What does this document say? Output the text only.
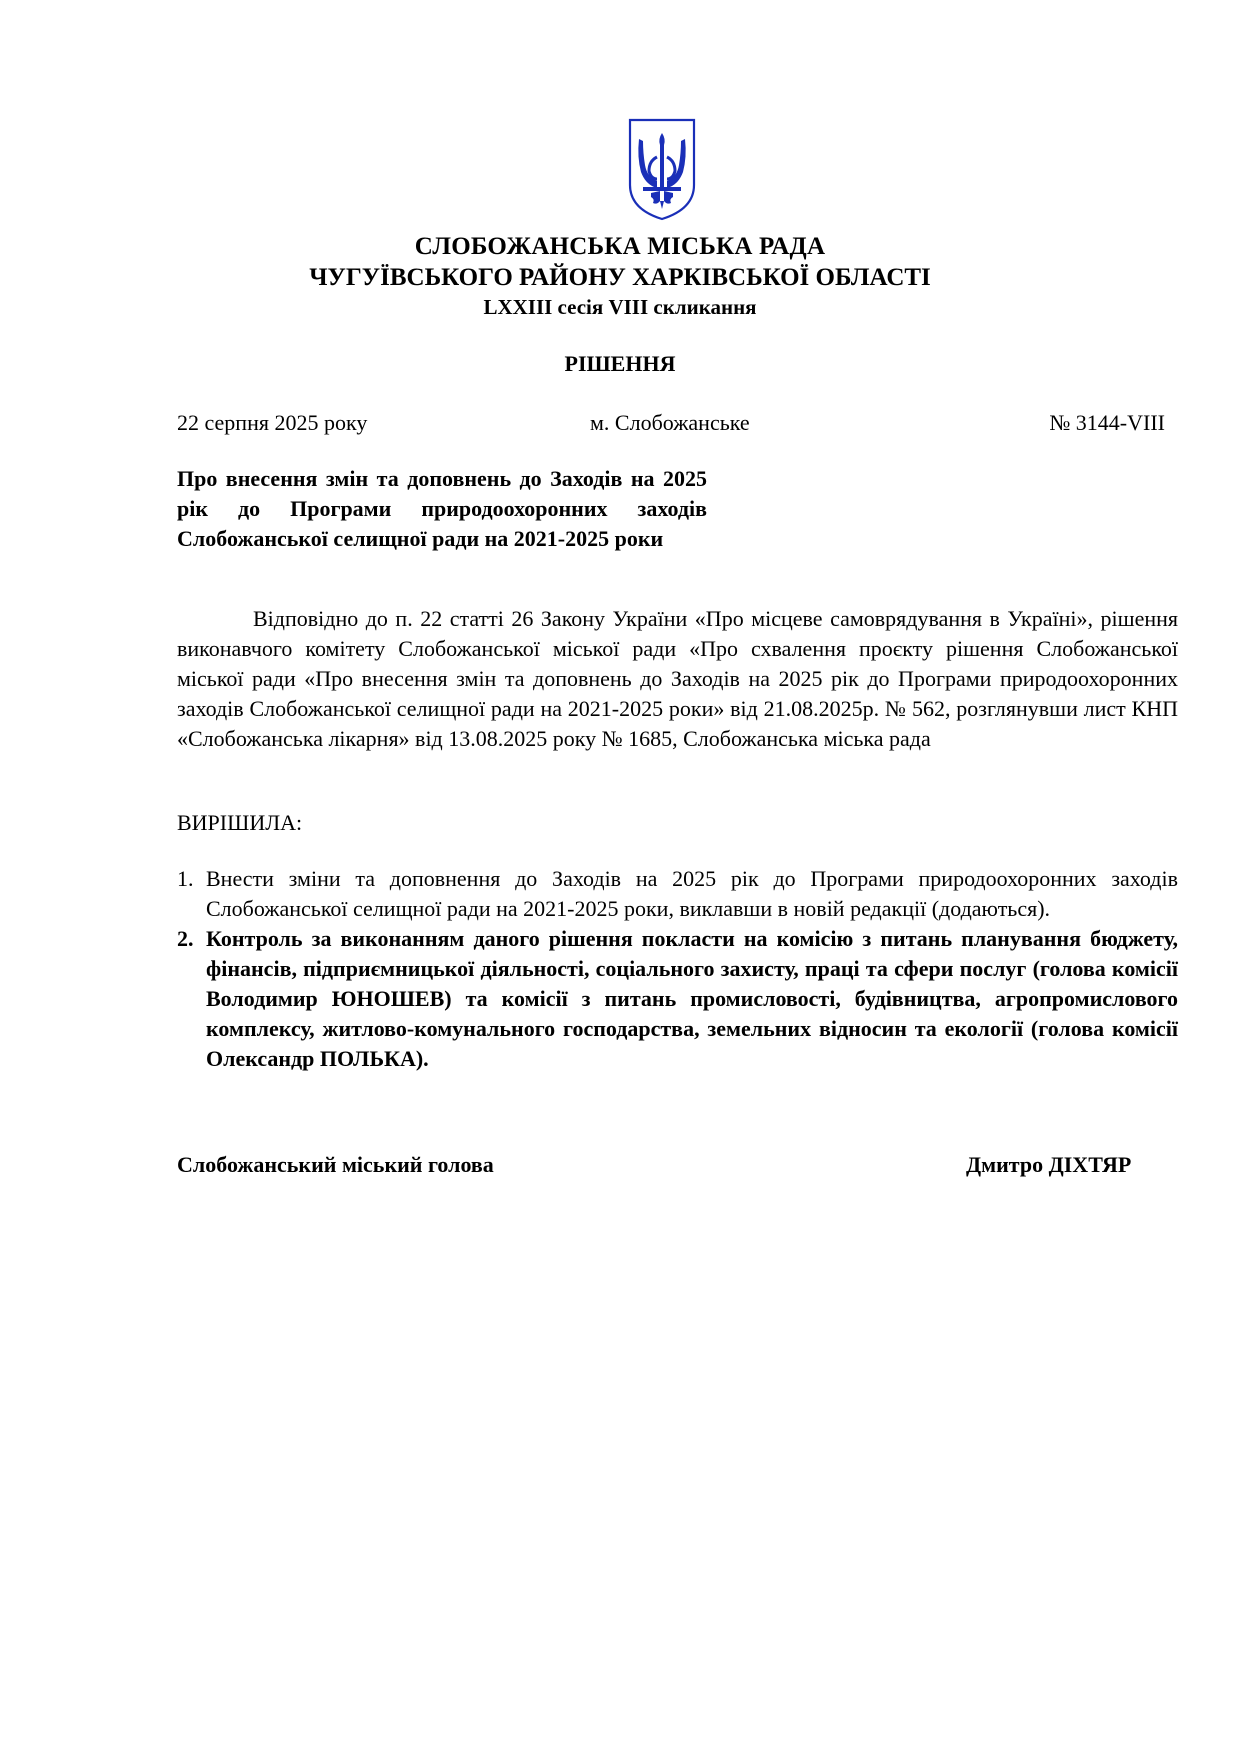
СЛОБОЖАНСЬКА МІСЬКА РАДА
ЧУГУЇВСЬКОГО РАЙОНУ ХАРКІВСЬКОЇ ОБЛАСТІ
LXXIII сесія VIII скликання
РІШЕННЯ
22 серпня 2025 року	м. Слобожанське	№ 3144-VIII

Про внесення змін та доповнень до Заходів на 2025 рік до Програми природоохоронних заходів Слобожанської селищної ради на 2021-2025 роки

Відповідно до п. 22 статті 26 Закону України «Про місцеве самоврядування в Україні», рішення виконавчого комітету Слобожанської міської ради «Про схвалення проєкту рішення Слобожанської міської ради «Про внесення змін та доповнень до Заходів на 2025 рік до Програми природоохоронних заходів Слобожанської селищної ради на 2021-2025 роки» від 21.08.2025р. № 562, розглянувши лист КНП «Слобожанська лікарня» від 13.08.2025 року № 1685, Слобожанська міська рада

ВИРІШИЛА:
1. Внести зміни та доповнення до Заходів на 2025 рік до Програми природоохоронних заходів Слобожанської селищної ради на 2021-2025 роки, виклавши в новій редакції (додаються).
2. Контроль за виконанням даного рішення покласти на комісію з питань планування бюджету, фінансів, підприємницької діяльності, соціального захисту, праці та сфери послуг (голова комісії Володимир ЮНОШЕВ) та комісії з питань промисловості, будівництва, агропромислового комплексу, житлово-комунального господарства, земельних відносин та екології (голова комісії Олександр ПОЛЬКА).
Слобожанський міський голова	Дмитро ДІХТЯР
